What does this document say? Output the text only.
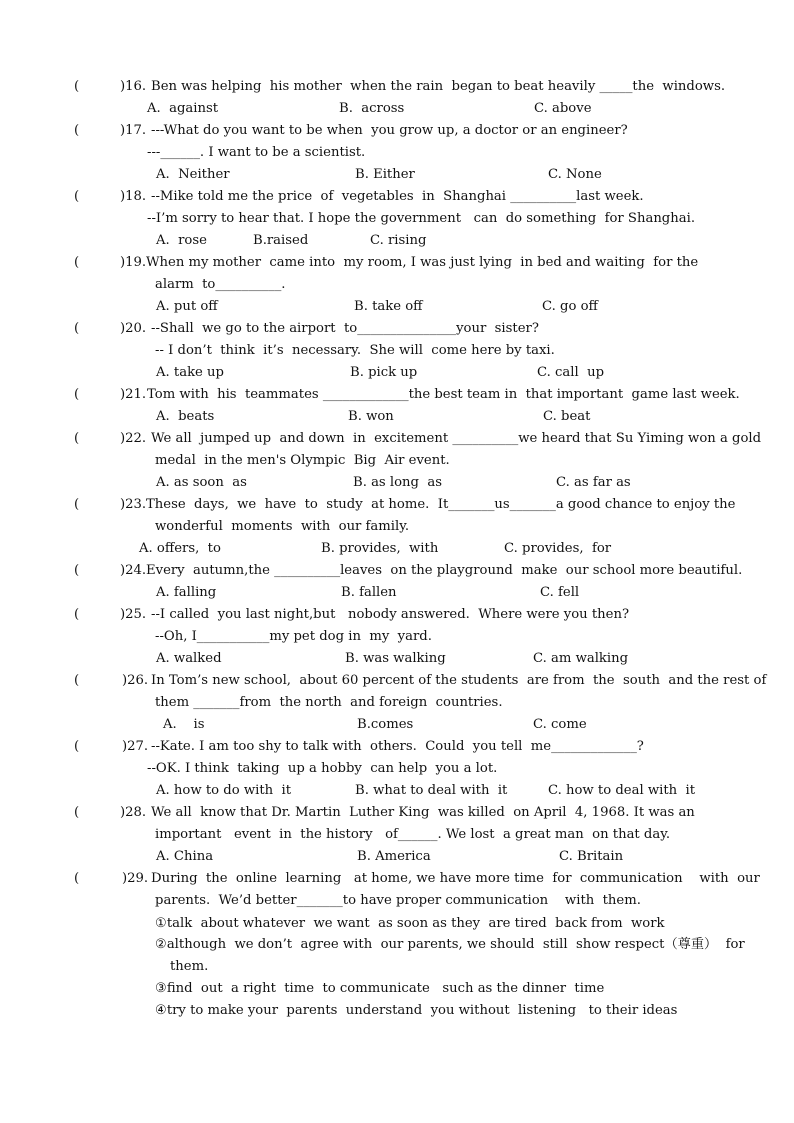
(	)16. Ben was helping  his mother  when the rain  began to beat heavily _____the  windows.
A.  against	B.  across	C. above
(	)17. ---What do you want to be when  you grow up, a doctor or an engineer?
---______. I want to be a scientist.
A.  Neither	B. Either	C. None
(	)18. --Mike told me the price  of  vegetables  in  Shanghai __________last week.
--I’m sorry to hear that. I hope the government   can  do something  for Shanghai.
A.  rose	B.raised	C. rising
(	)19. When my mother  came into  my room, I was just lying  in bed and waiting  for the
alarm  to__________.
A. put off	B. take off	C. go off
(	)20. --Shall  we go to the airport  to_______________your  sister?
-- I don’t  think  it’s  necessary.  She will  come here by taxi.
A. take up	B. pick up	C. call  up
(	)21. Tom with  his  teammates _____________the best team in  that important  game last week.
A.  beats	B. won	C. beat
(	)22. We all  jumped up  and down  in  excitement __________we heard that Su Yiming won a gold
medal  in the men's Olympic  Big  Air event.
A. as soon  as	B. as long  as	C. as far as
(	)23. These  days,  we  have  to  study  at home.  It_______us_______a good chance to enjoy the
wonderful  moments  with  our family.
A. offers,  to	B. provides,  with	C. provides,  for
(	)24. Every  autumn,the __________leaves  on the playground  make  our school more beautiful.
A. falling	B. fallen	C. fell
(	)25. --I called  you last night,but   nobody answered.  Where were you then?
--Oh, I___________my pet dog in  my  yard.
A. walked	B. was walking	C. am walking
(	)26. In Tom’s new school,  about 60 percent of the students  are from  the  south  and the rest of
them _______from  the north  and foreign  countries.
A.    is	B.comes	C. come
(	)27. --Kate. I am too shy to talk with  others.  Could  you tell  me_____________?
--OK. I think  taking  up a hobby  can help  you a lot.
A. how to do with  it	B. what to deal with  it	C. how to deal with  it
(	)28. We all  know that Dr. Martin  Luther King  was killed  on April  4, 1968. It was an
important   event  in  the history   of______. We lost  a great man  on that day.
A. China	B. America	C. Britain
(	)29. During  the  online  learning   at home, we have more time  for  communication    with  our
parents.  We’d better_______to have proper communication    with  them.
①talk  about whatever  we want  as soon as they  are tired  back from  work
②although  we don’t  agree with  our parents, we should  still  show respect（尊重）  for
them.
③find  out  a right  time  to communicate   such as the dinner  time
④try to make your  parents  understand  you without  listening   to their ideas
